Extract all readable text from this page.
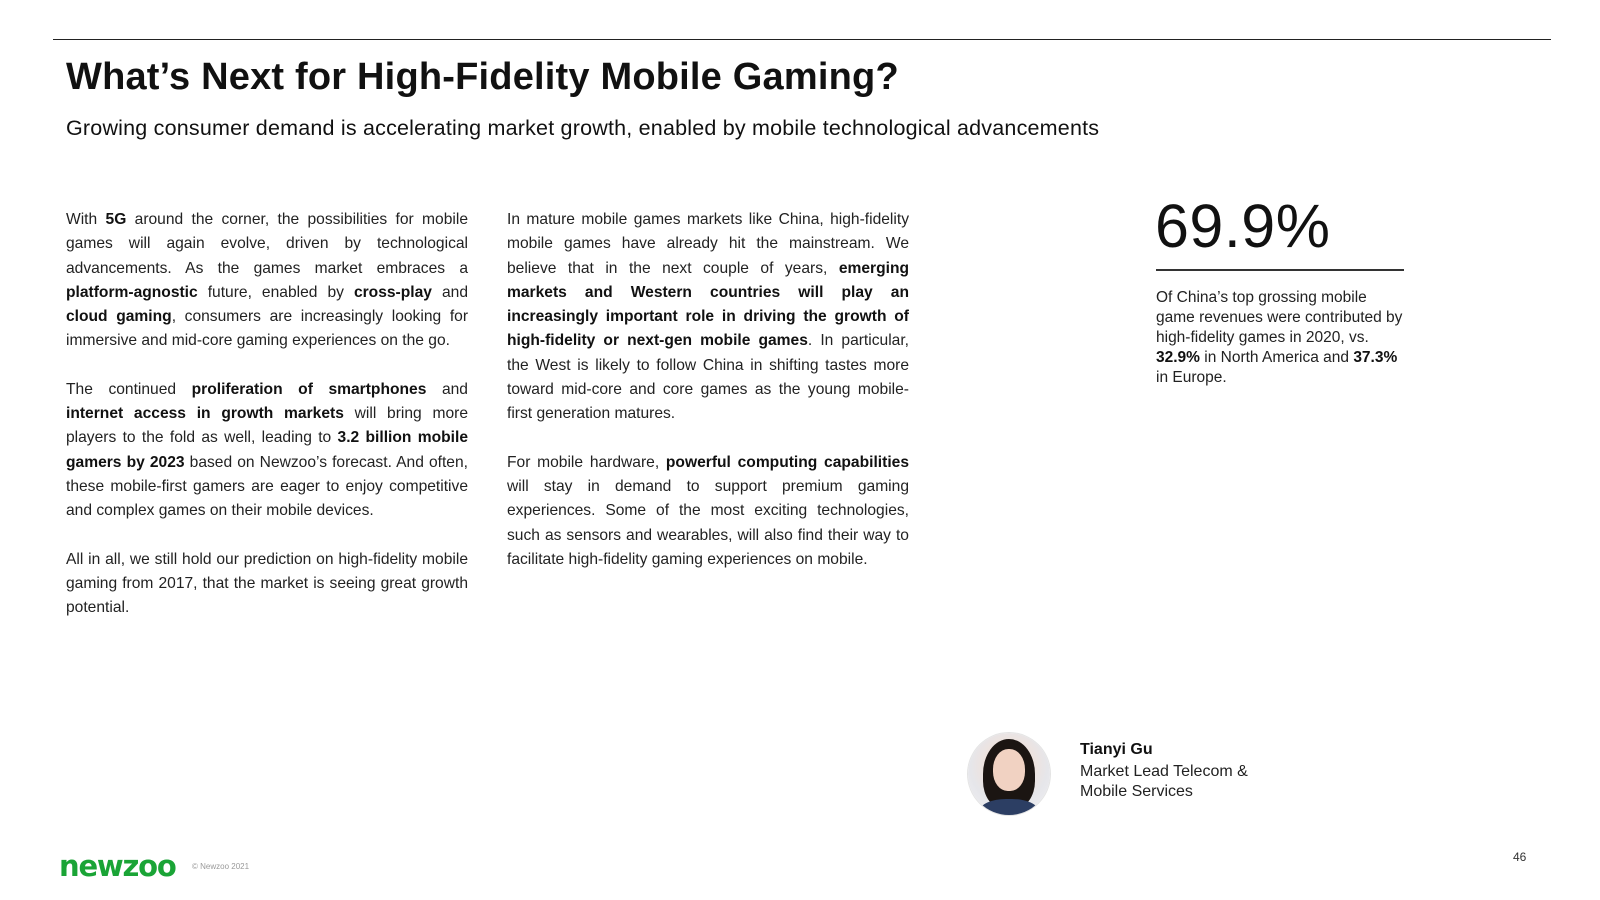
What’s Next for High-Fidelity Mobile Gaming?
Growing consumer demand is accelerating market growth, enabled by mobile technological advancements

With 5G around the corner, the possibilities for mobile games will again evolve, driven by technological advancements. As the games market embraces a platform-agnostic future, enabled by cross-play and cloud gaming, consumers are increasingly looking for immersive and mid-core gaming experiences on the go.

The continued proliferation of smartphones and internet access in growth markets will bring more players to the fold as well, leading to 3.2 billion mobile gamers by 2023 based on Newzoo’s forecast. And often, these mobile-first gamers are eager to enjoy competitive and complex games on their mobile devices.

All in all, we still hold our prediction on high-fidelity mobile gaming from 2017, that the market is seeing great growth potential.

In mature mobile games markets like China, high-fidelity mobile games have already hit the mainstream. We believe that in the next couple of years, emerging markets and Western countries will play an increasingly important role in driving the growth of high-fidelity or next-gen mobile games. In particular, the West is likely to follow China in shifting tastes more toward mid-core and core games as the young mobile-first generation matures.

For mobile hardware, powerful computing capabilities will stay in demand to support premium gaming experiences. Some of the most exciting technologies, such as sensors and wearables, will also find their way to facilitate high-fidelity gaming experiences on mobile.

69.9%
Of China’s top grossing mobile game revenues were contributed by high-fidelity games in 2020, vs. 32.9% in North America and 37.3% in Europe.
Tianyi Gu
Market Lead Telecom &
Mobile Services
newzoo © Newzoo 2021
46
